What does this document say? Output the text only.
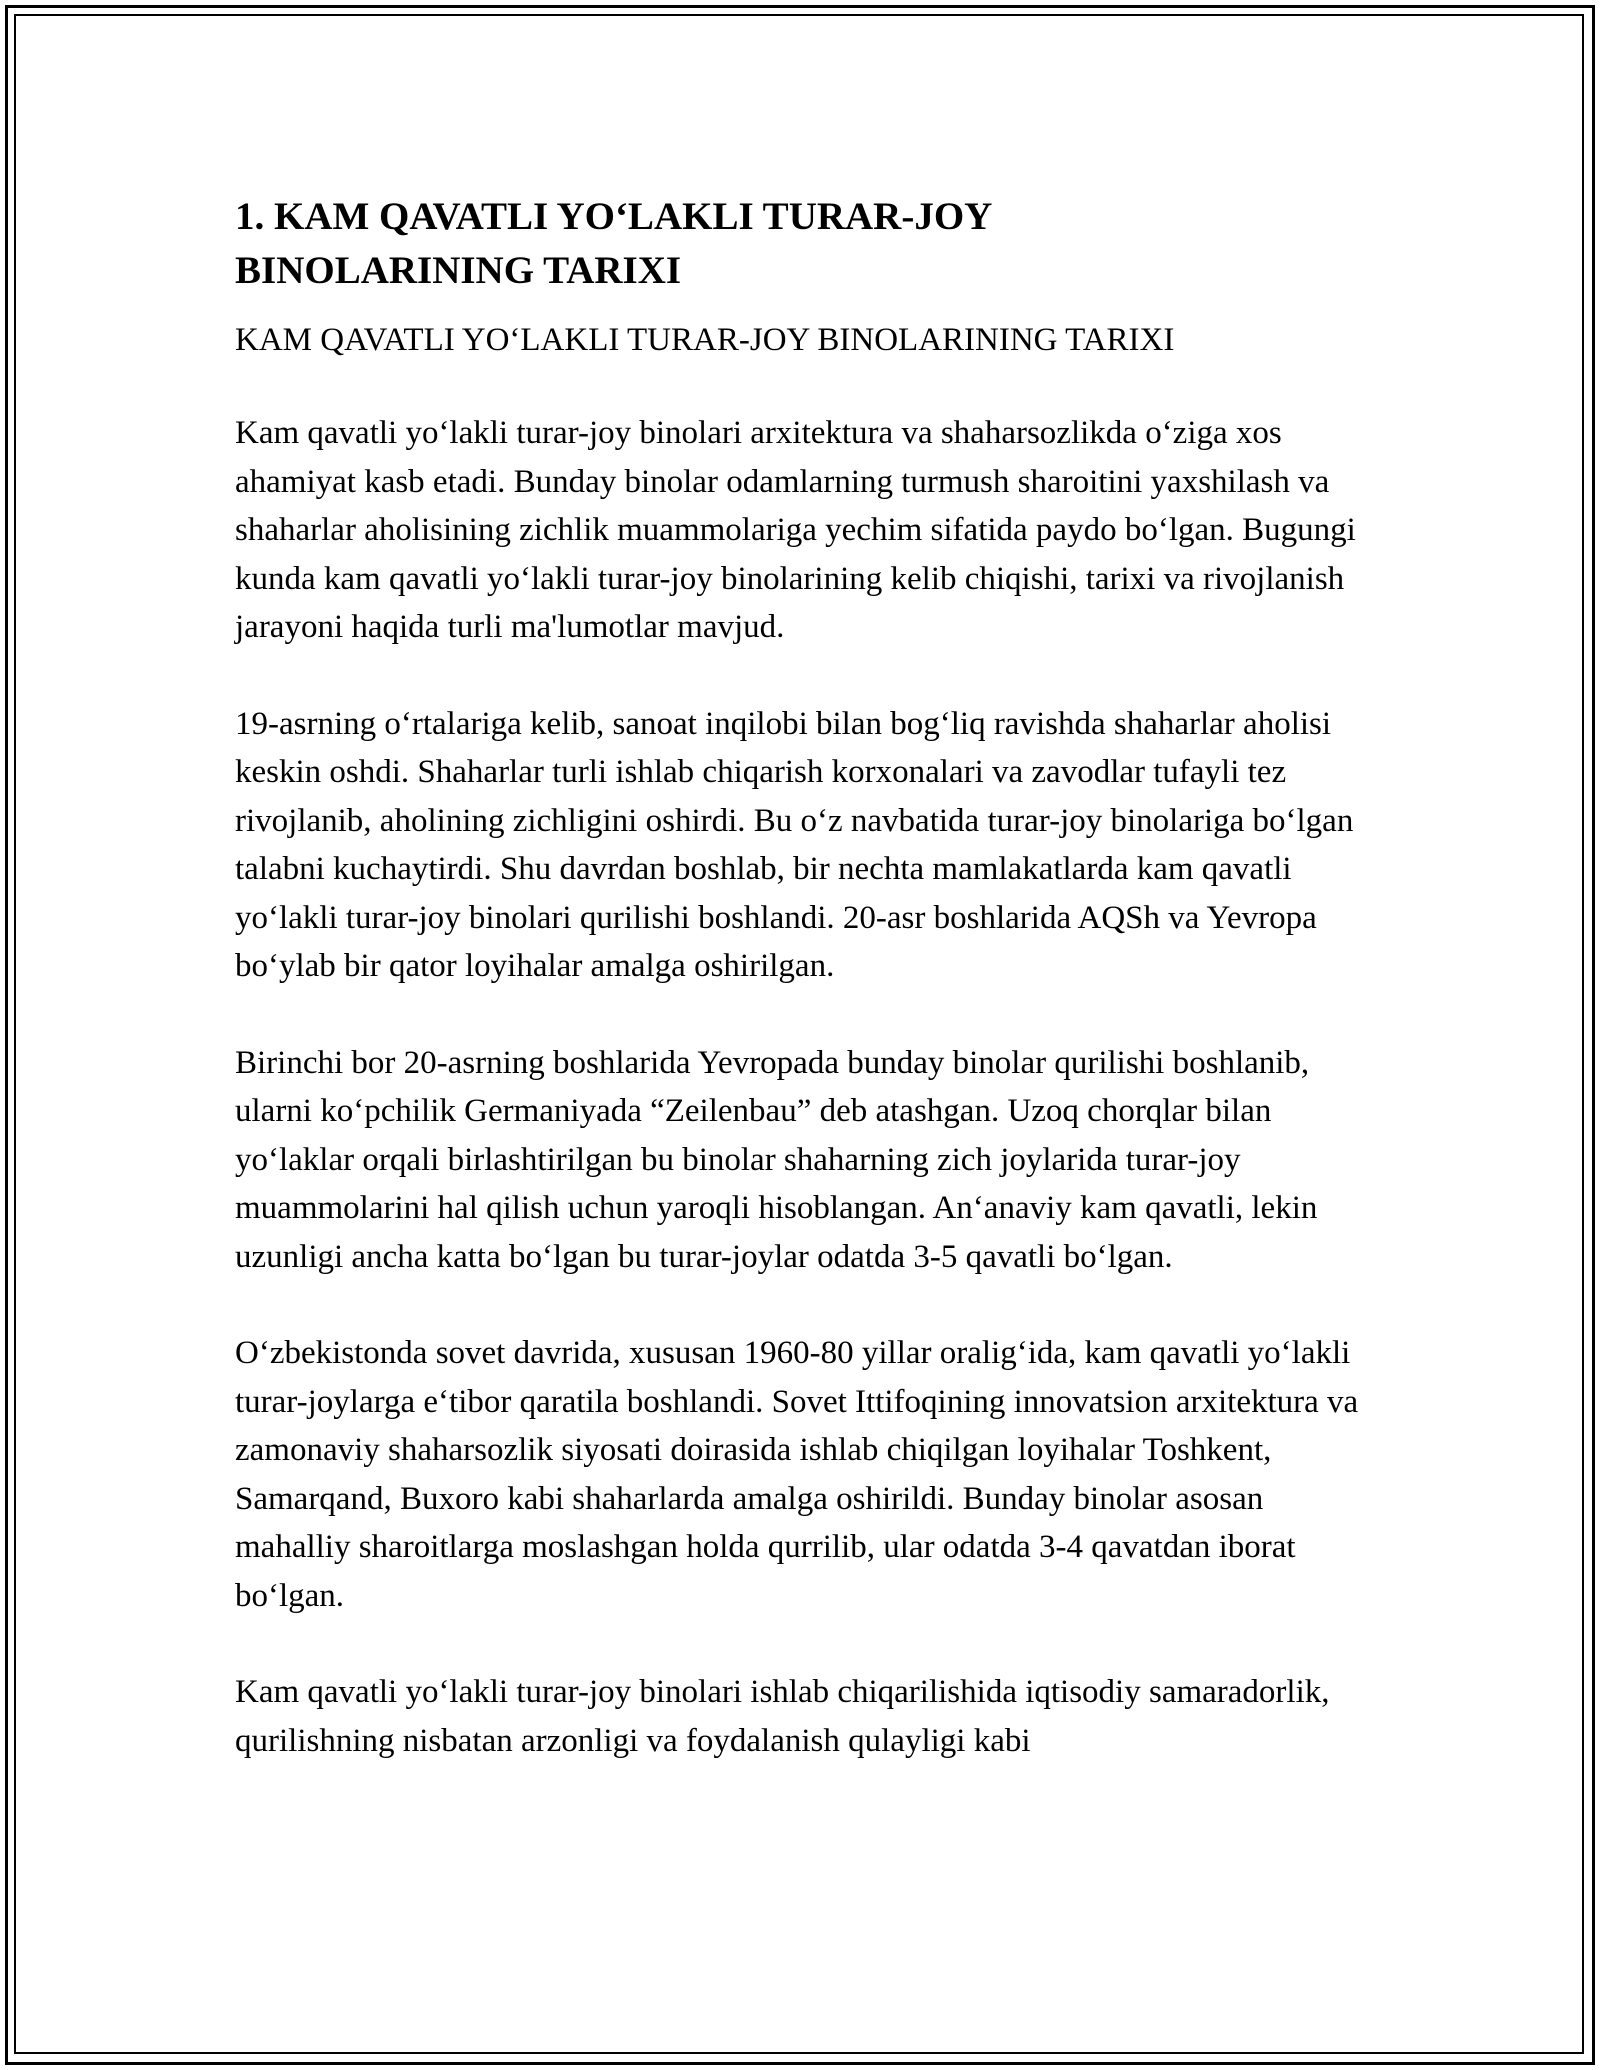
1. KAM QAVATLI YO‘LAKLI TURAR-JOY BINOLARINING TARIXI
KAM QAVATLI YO‘LAKLI TURAR-JOY BINOLARINING TARIXI

Kam qavatli yo‘lakli turar-joy binolari arxitektura va shaharsozlikda o‘ziga xos ahamiyat kasb etadi. Bunday binolar odamlarning turmush sharoitini yaxshilash va shaharlar aholisining zichlik muammolariga yechim sifatida paydo bo‘lgan. Bugungi kunda kam qavatli yo‘lakli turar-joy binolarining kelib chiqishi, tarixi va rivojlanish jarayoni haqida turli ma'lumotlar mavjud.

19-asrning o‘rtalariga kelib, sanoat inqilobi bilan bog‘liq ravishda shaharlar aholisi keskin oshdi. Shaharlar turli ishlab chiqarish korxonalari va zavodlar tufayli tez rivojlanib, aholining zichligini oshirdi. Bu o‘z navbatida turar-joy binolariga bo‘lgan talabni kuchaytirdi. Shu davrdan boshlab, bir nechta mamlakatlarda kam qavatli yo‘lakli turar-joy binolari qurilishi boshlandi. 20-asr boshlarida AQSh va Yevropa bo‘ylab bir qator loyihalar amalga oshirilgan.

Birinchi bor 20-asrning boshlarida Yevropada bunday binolar qurilishi boshlanib, ularni ko‘pchilik Germaniyada “Zeilenbau” deb atashgan. Uzoq chorqlar bilan yo‘laklar orqali birlashtirilgan bu binolar shaharning zich joylarida turar-joy muammolarini hal qilish uchun yaroqli hisoblangan. An‘anaviy kam qavatli, lekin uzunligi ancha katta bo‘lgan bu turar-joylar odatda 3-5 qavatli bo‘lgan.

O‘zbekistonda sovet davrida, xususan 1960-80 yillar oralig‘ida, kam qavatli yo‘lakli turar-joylarga e‘tibor qaratila boshlandi. Sovet Ittifoqining innovatsion arxitektura va zamonaviy shaharsozlik siyosati doirasida ishlab chiqilgan loyihalar Toshkent, Samarqand, Buxoro kabi shaharlarda amalga oshirildi. Bunday binolar asosan mahalliy sharoitlarga moslashgan holda qurrilib, ular odatda 3-4 qavatdan iborat bo‘lgan.

Kam qavatli yo‘lakli turar-joy binolari ishlab chiqarilishida iqtisodiy samaradorlik, qurilishning nisbatan arzonligi va foydalanish qulayligi kabi
